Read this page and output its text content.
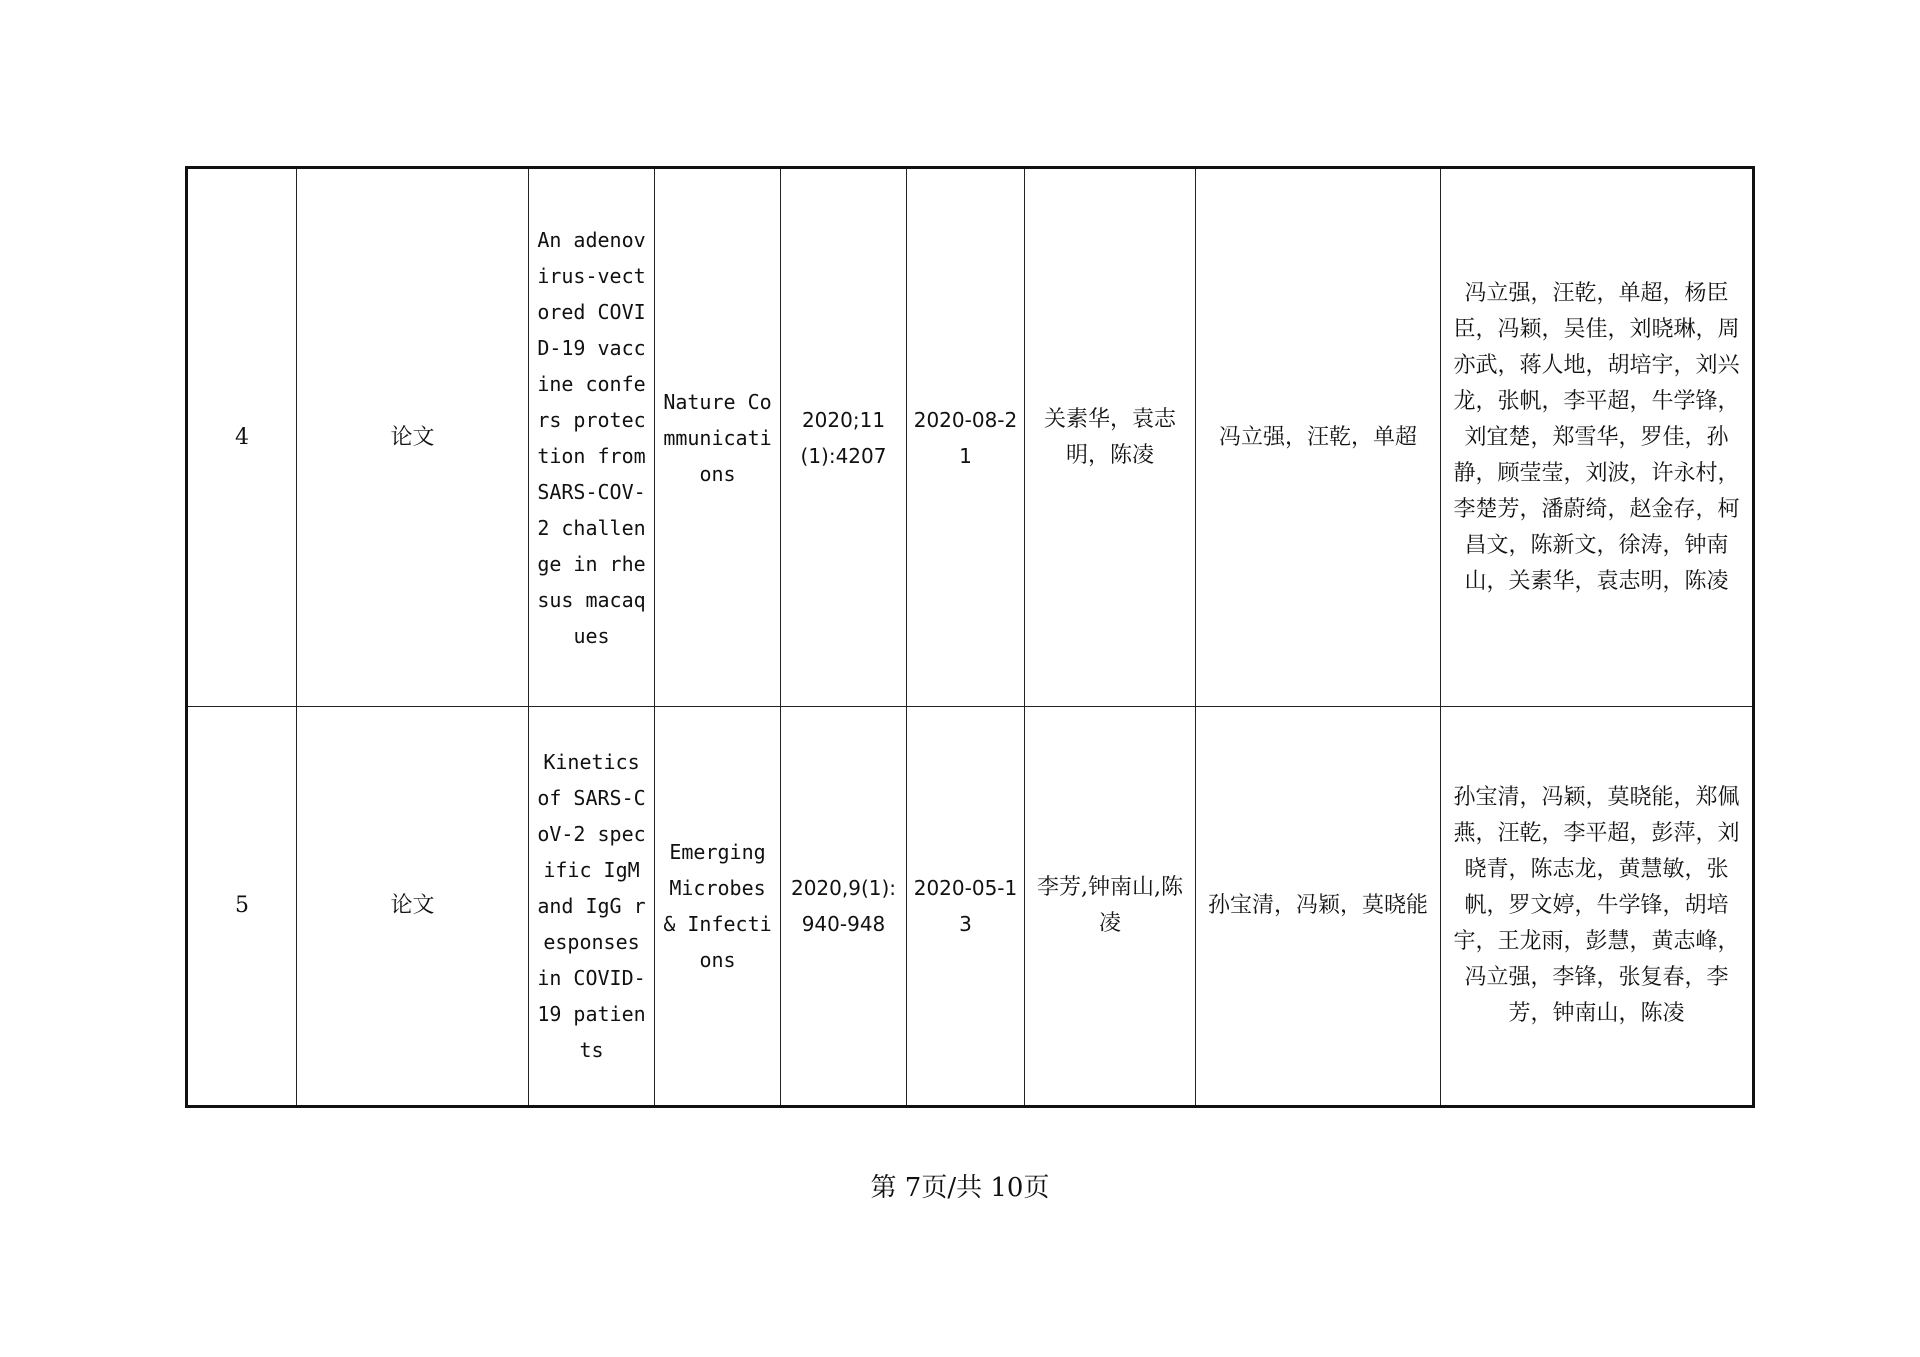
4	论文	An adenovirus-vectored COVID-19 vaccine confers protection from SARS-COV-2 challenge in rhesus macaques	Nature Communications	2020;11(1):4207	2020-08-21	关素华，袁志明，陈凌	冯立强，汪乾，单超	冯立强，汪乾，单超，杨臣臣，冯颖，吴佳，刘晓琳，周亦武，蒋人地，胡培宇，刘兴龙，张帆，李平超，牛学锋，刘宜楚，郑雪华，罗佳，孙静，顾莹莹，刘波，许永村，李楚芳，潘蔚绮，赵金存，柯昌文，陈新文，徐涛，钟南山，关素华，袁志明，陈凌
5	论文	Kinetics of SARS-CoV-2 specific IgM and IgG responses in COVID-19 patients	Emerging Microbes & Infections	2020,9(1):940-948	2020-05-13	李芳,钟南山,陈凌	孙宝清，冯颖，莫晓能	孙宝清，冯颖，莫晓能，郑佩燕，汪乾，李平超，彭萍，刘晓青，陈志龙，黄慧敏，张帆，罗文婷，牛学锋，胡培宇，王龙雨，彭慧，黄志峰，冯立强，李锋，张复春，李芳，钟南山，陈凌
第 7页/共 10页
